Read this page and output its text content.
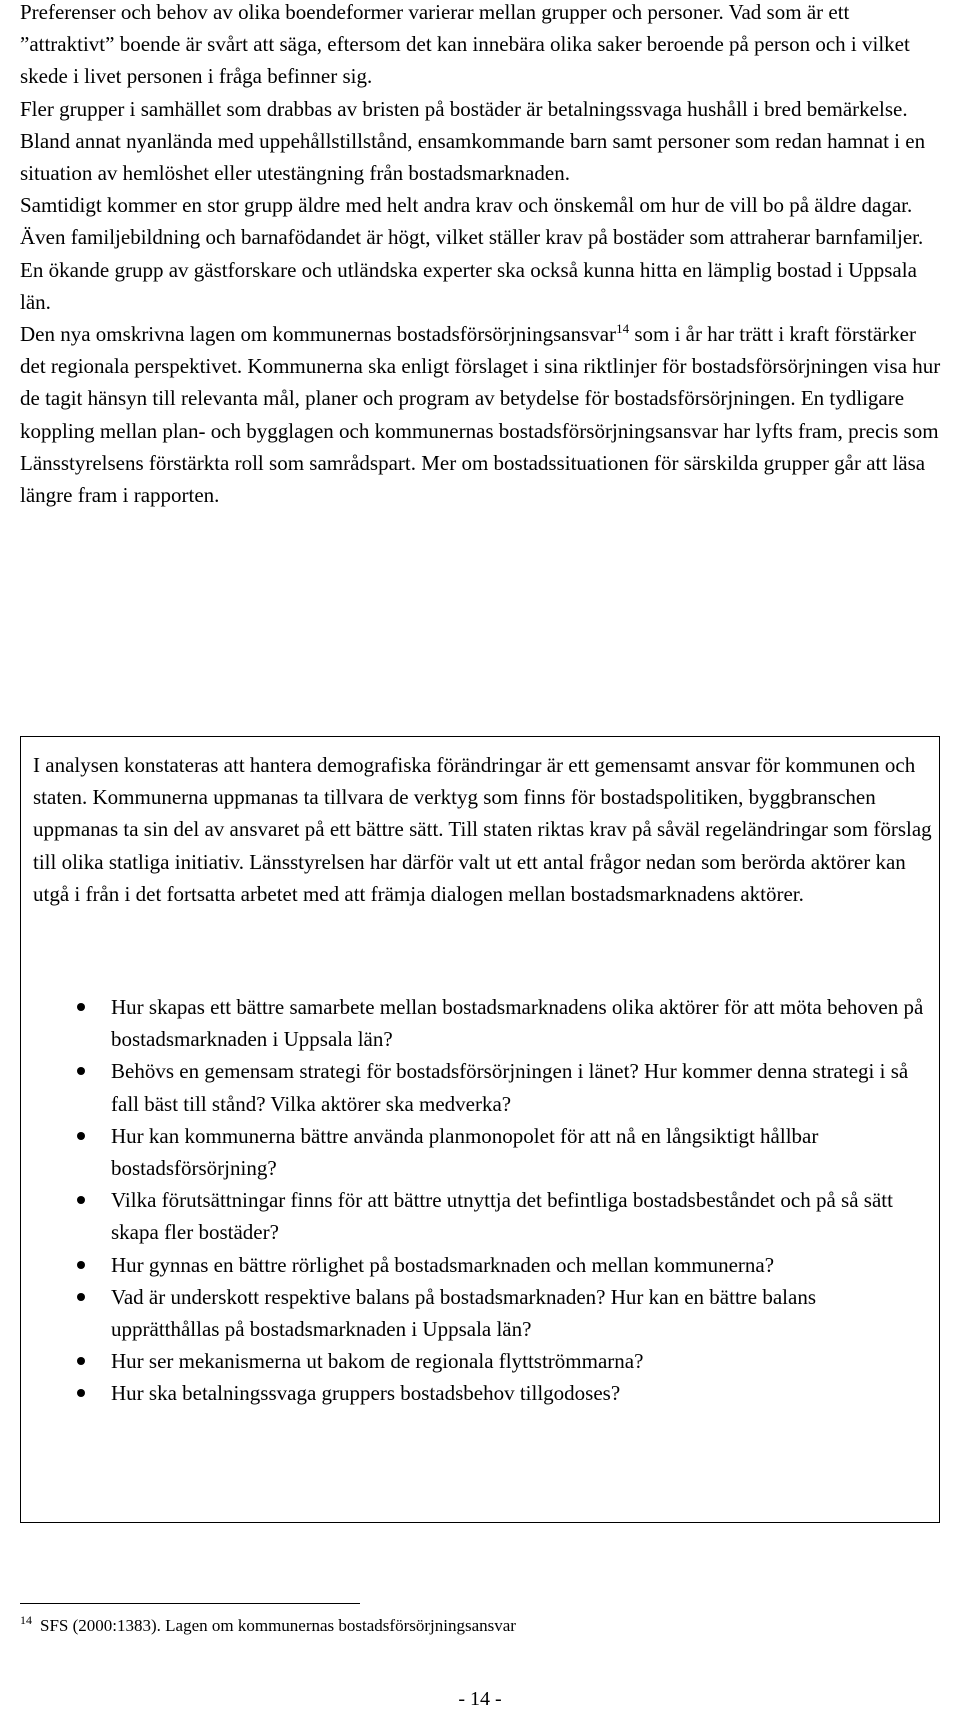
Preferenser och behov av olika boendeformer varierar mellan grupper och personer. Vad som är ett ”attraktivt” boende är svårt att säga, eftersom det kan innebära olika saker beroende på person och i vilket skede i livet personen i fråga befinner sig.

Fler grupper i samhället som drabbas av bristen på bostäder är betalningssvaga hushåll i bred bemärkelse. Bland annat nyanlända med uppehållstillstånd, ensamkommande barn samt personer som redan hamnat i en situation av hemlöshet eller utestängning från bostadsmarknaden.

Samtidigt kommer en stor grupp äldre med helt andra krav och önskemål om hur de vill bo på äldre dagar. Även familjebildning och barnafödandet är högt, vilket ställer krav på bostäder som attraherar barnfamiljer. En ökande grupp av gästforskare och utländska experter ska också kunna hitta en lämplig bostad i Uppsala län.

Den nya omskrivna lagen om kommunernas bostadsförsörjningsansvar$^{14}$ som i år har trätt i kraft förstärker det regionala perspektivet. Kommunerna ska enligt förslaget i sina riktlinjer för bostadsförsörjningen visa hur de tagit hänsyn till relevanta mål, planer och program av betydelse för bostadsförsörjningen. En tydligare koppling mellan plan- och bygglagen och kommunernas bostadsförsörjningsansvar har lyfts fram, precis som Länsstyrelsens förstärkta roll som samrådspart. Mer om bostadssituationen för särskilda grupper går att läsa längre fram i rapporten.

I analysen konstateras att hantera demografiska förändringar är ett gemensamt ansvar för kommunen och staten. Kommunerna uppmanas ta tillvara de verktyg som finns för bostadspolitiken, byggbranschen uppmanas ta sin del av ansvaret på ett bättre sätt. Till staten riktas krav på såväl regeländringar som förslag till olika statliga initiativ. Länsstyrelsen har därför valt ut ett antal frågor nedan som berörda aktörer kan utgå i från i det fortsatta arbetet med att främja dialogen mellan bostadsmarknadens aktörer.

Hur skapas ett bättre samarbete mellan bostadsmarknadens olika aktörer för att möta behoven på bostadsmarknaden i Uppsala län?
Behövs en gemensam strategi för bostadsförsörjningen i länet? Hur kommer denna strategi i så fall bäst till stånd? Vilka aktörer ska medverka?
Hur kan kommunerna bättre använda planmonopolet för att nå en långsiktigt hållbar bostadsförsörjning?
Vilka förutsättningar finns för att bättre utnyttja det befintliga bostadsbeståndet och på så sätt skapa fler bostäder?
Hur gynnas en bättre rörlighet på bostadsmarknaden och mellan kommunerna?
Vad är underskott respektive balans på bostadsmarknaden? Hur kan en bättre balans upprätthållas på bostadsmarknaden i Uppsala län?
Hur ser mekanismerna ut bakom de regionala flyttströmmarna?
Hur ska betalningssvaga gruppers bostadsbehov tillgodoses?
$^{14}$ SFS (2000:1383). Lagen om kommunernas bostadsförsörjningsansvar
- 14 -
